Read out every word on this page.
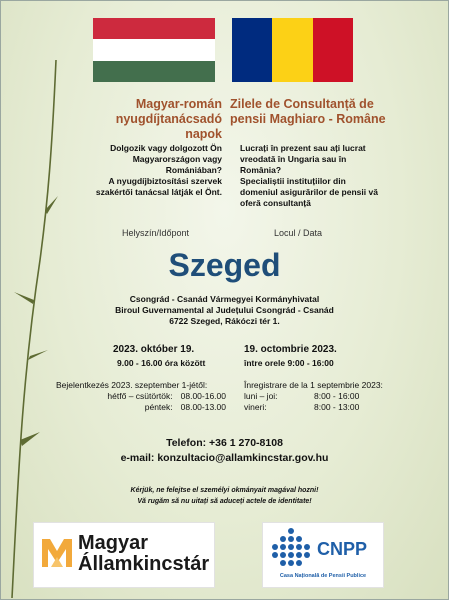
Magyar-román
nyugdíjtanácsadó napok
Zilele de Consultanță de
pensii Maghiaro - Române
Dolgozik vagy dolgozott Ön
Magyarországon vagy
Romániában?
A nyugdíjbiztosítási szervek
szakértői tanácsal látják el Önt.
Lucrați în prezent sau ați lucrat
vreodată în Ungaria sau în
România?
Specialiștii instituțiilor din
domeniul asigurărilor de pensii vă
oferă consultanță
Helyszín/Időpont	Locul / Data
Szeged
Csongrád - Csanád Vármegyei Kormányhivatal
Biroul Guvernamental al Județului Csongrád - Csanád
6722 Szeged, Rákóczi tér 1.
2023. október 19.
9.00 - 16.00 óra között
19. octombrie 2023.
între orele 9:00 - 16:00
Bejelentkezés 2023. szeptember 1-jétől:
hétfő – csütörtök: 08.00-16.00
péntek: 08.00-13.00
Înregistrare de la 1 septembrie 2023:
luni – joi:	8:00 - 16:00
vineri:	8:00 - 13:00
Telefon: +36 1 270-8108
e-mail: konzultacio@allamkincstar.gov.hu
Kérjük, ne felejtse el személyi okmányait magával hozni!
Vă rugăm să nu uitați să aduceți actele de identitate!
Magyar
Államkincstár
CNPP
Casa Națională de Pensii Publice
